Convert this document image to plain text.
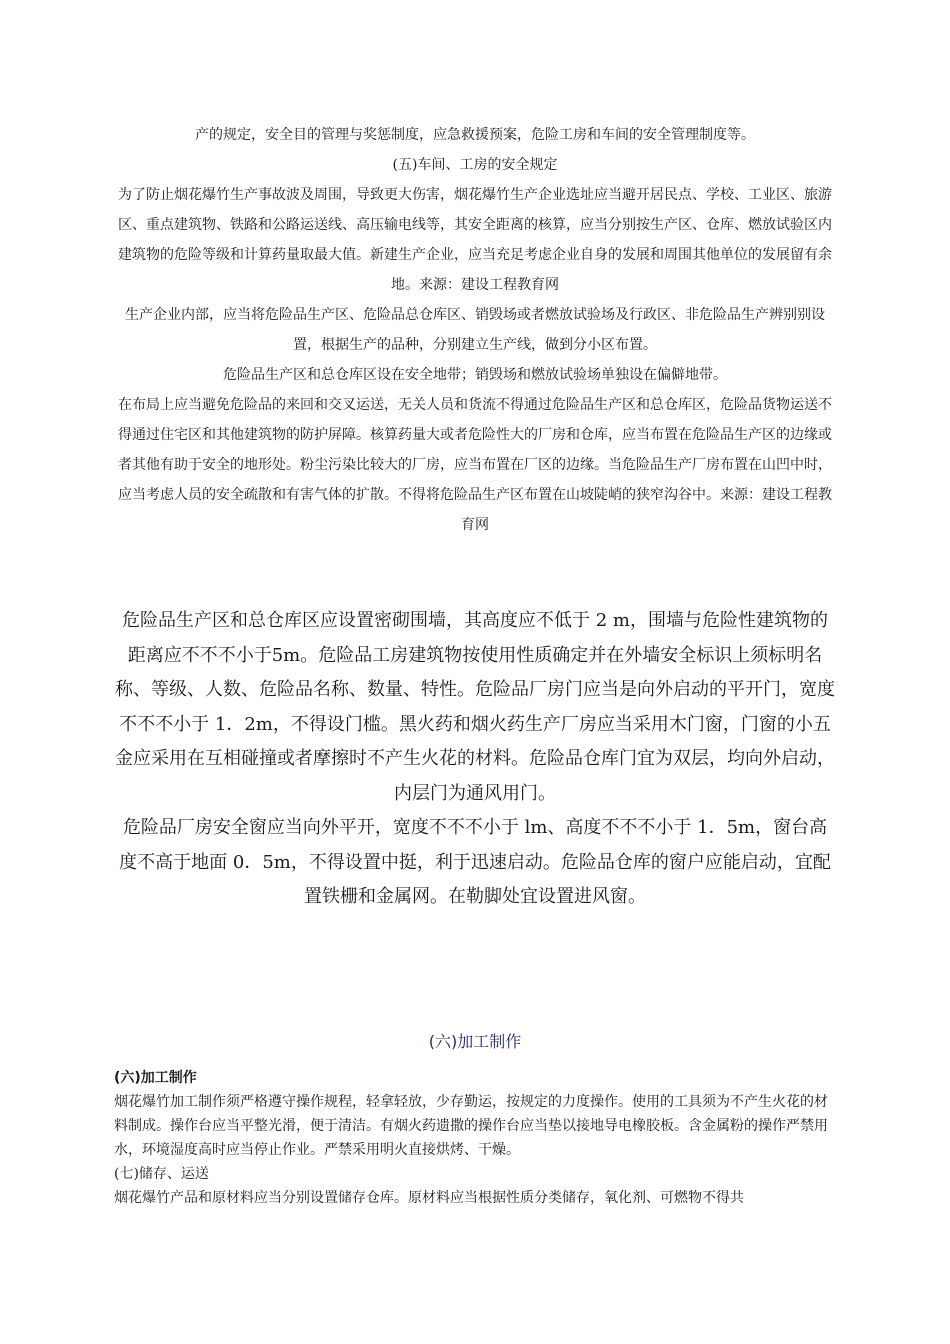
产的规定，安全目的管理与奖惩制度，应急救援预案，危险工房和车间的安全管理制度等。

(五)车间、工房的安全规定

为了防止烟花爆竹生产事故波及周围，导致更大伤害，烟花爆竹生产企业选址应当避开居民点、学校、工业区、旅游区、重点建筑物、铁路和公路运送线、高压输电线等，其安全距离的核算，应当分别按生产区、仓库、燃放试验区内建筑物的危险等级和计算药量取最大值。新建生产企业，应当充足考虑企业自身的发展和周围其他单位的发展留有余地。来源：建设工程教育网

生产企业内部，应当将危险品生产区、危险品总仓库区、销毁场或者燃放试验场及行政区、非危险品生产辨别别设置，根据生产的品种，分别建立生产线，做到分小区布置。

危险品生产区和总仓库区设在安全地带；销毁场和燃放试验场单独设在偏僻地带。

在布局上应当避免危险品的来回和交叉运送，无关人员和货流不得通过危险品生产区和总仓库区，危险品货物运送不得通过住宅区和其他建筑物的防护屏障。核算药量大或者危险性大的厂房和仓库，应当布置在危险品生产区的边缘或者其他有助于安全的地形处。粉尘污染比较大的厂房，应当布置在厂区的边缘。当危险品生产厂房布置在山凹中时，应当考虑人员的安全疏散和有害气体的扩散。不得将危险品生产区布置在山坡陡峭的狭窄沟谷中。来源：建设工程教育网

危险品生产区和总仓库区应设置密砌围墙，其高度应不低于 2 m，围墙与危险性建筑物的距离应不不不小于5m。危险品工房建筑物按使用性质确定并在外墙安全标识上须标明名称、等级、人数、危险品名称、数量、特性。危险品厂房门应当是向外启动的平开门，宽度不不不小于 1．2m，不得设门槛。黑火药和烟火药生产厂房应当采用木门窗，门窗的小五金应采用在互相碰撞或者摩擦时不产生火花的材料。危险品仓库门宜为双层，均向外启动，内层门为通风用门。

危险品厂房安全窗应当向外平开，宽度不不不小于 lm、高度不不不小于 1．5m，窗台高度不高于地面 0．5m，不得设置中挺，利于迅速启动。危险品仓库的窗户应能启动，宜配置铁栅和金属网。在勒脚处宜设置进风窗。

(六)加工制作

(六)加工制作

烟花爆竹加工制作须严格遵守操作规程，轻拿轻放，少存勤运，按规定的力度操作。使用的工具须为不产生火花的材料制成。操作台应当平整光滑，便于清洁。有烟火药遗撒的操作台应当垫以接地导电橡胶板。含金属粉的操作严禁用水，环境湿度高时应当停止作业。严禁采用明火直接烘烤、干燥。

(七)储存、运送

烟花爆竹产品和原材料应当分别设置储存仓库。原材料应当根据性质分类储存，氧化剂、可燃物不得共
